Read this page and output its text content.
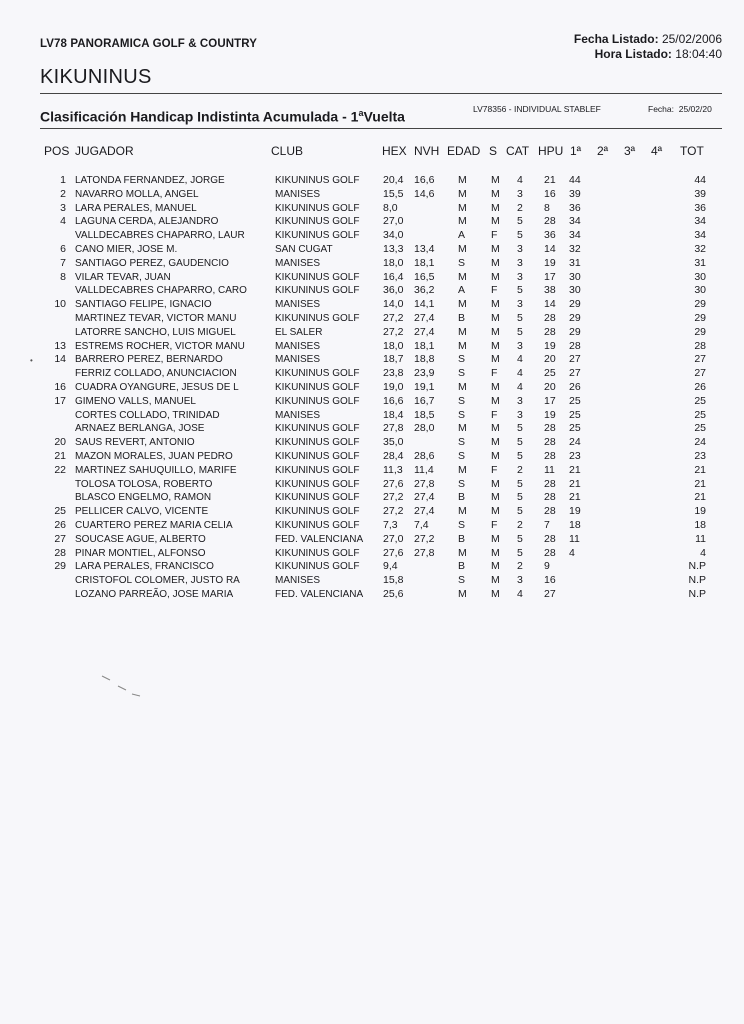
LV78 PANORAMICA GOLF & COUNTRY	Fecha Listado: 25/02/2006
Hora Listado: 18:04:40
KIKUNINUS
Clasificación Handicap Indistinta Acumulada - 1$^a$Vuelta	LV78356 - INDIVIDUAL STABLEF	Fecha: 25/02/20
POS JUGADOR	CLUB	HEX NVH EDAD S CAT HPU 1ª 2ª 3ª 4ª TOT
1 LATONDA FERNANDEZ, JORGE	KIKUNINUS GOLF 20,4 16,6 M M 4 21 44	44
2 NAVARRO MOLLA, ANGEL	MANISES	15,5 14,6 M M 3 16 39	39
3 LARA PERALES, MANUEL	KIKUNINUS GOLF 8,0	M M 2 8 36	36
4 LAGUNA CERDA, ALEJANDRO	KIKUNINUS GOLF 27,0	M M 5 28 34	34
VALLDECABRES CHAPARRO, LAUR	KIKUNINUS GOLF 34,0	A F 5 36 34	34
6 CANO MIER, JOSE M.	SAN CUGAT	13,3 13,4 M M 3 14 32	32
7 SANTIAGO PEREZ, GAUDENCIO	MANISES	18,0 18,1 S M 3 19 31	31
8 VILAR TEVAR, JUAN	KIKUNINUS GOLF 16,4 16,5 M M 3 17 30	30
VALLDECABRES CHAPARRO, CARO	KIKUNINUS GOLF 36,0 36,2 A F 5 38 30	30
10 SANTIAGO FELIPE, IGNACIO	MANISES	14,0 14,1 M M 3 14 29	29
MARTINEZ TEVAR, VICTOR MANU	KIKUNINUS GOLF 27,2 27,4 B M 5 28 29	29
LATORRE SANCHO, LUIS MIGUEL	EL SALER	27,2 27,4 M M 5 28 29	29
13 ESTREMS ROCHER, VICTOR MANU	MANISES	18,0 18,1 M M 3 19 28	28
14 BARRERO PEREZ, BERNARDO	MANISES	18,7 18,8 S M 4 20 27	27
FERRIZ COLLADO, ANUNCIACION	KIKUNINUS GOLF 23,8 23,9 S F 4 25 27	27
16 CUADRA OYANGURE, JESUS DE L	KIKUNINUS GOLF 19,0 19,1 M M 4 20 26	26
17 GIMENO VALLS, MANUEL	KIKUNINUS GOLF 16,6 16,7 S M 3 17 25	25
CORTES COLLADO, TRINIDAD	MANISES	18,4 18,5 S F 3 19 25	25
ARNAEZ BERLANGA, JOSE	KIKUNINUS GOLF 27,8 28,0 M M 5 28 25	25
20 SAUS REVERT, ANTONIO	KIKUNINUS GOLF 35,0	S M 5 28 24	24
21 MAZON MORALES, JUAN PEDRO	KIKUNINUS GOLF 28,4 28,6 S M 5 28 23	23
22 MARTINEZ SAHUQUILLO, MARIFE	KIKUNINUS GOLF 11,3 11,4 M F 2 11 21	21
TOLOSA TOLOSA, ROBERTO	KIKUNINUS GOLF 27,6 27,8 S M 5 28 21	21
BLASCO ENGELMO, RAMON	KIKUNINUS GOLF 27,2 27,4 B M 5 28 21	21
25 PELLICER CALVO, VICENTE	KIKUNINUS GOLF 27,2 27,4 M M 5 28 19	19
26 CUARTERO PEREZ MARIA CELIA	KIKUNINUS GOLF 7,3 7,4	S F 2 7 18	18
27 SOUCASE AGUE, ALBERTO	FED. VALENCIANA 27,0 27,2 B M 5 28 11	11
28 PINAR MONTIEL, ALFONSO	KIKUNINUS GOLF 27,6 27,8 M M 5 28 4	4
29 LARA PERALES, FRANCISCO	KIKUNINUS GOLF 9,4	B M 2 9	N.P
CRISTOFOL COLOMER, JUSTO RA	MANISES	15,8	S M 3 16	N.P
LOZANO PARREÃO, JOSE MARIA	FED. VALENCIANA 25,6	M M 4 27	N.P
•
